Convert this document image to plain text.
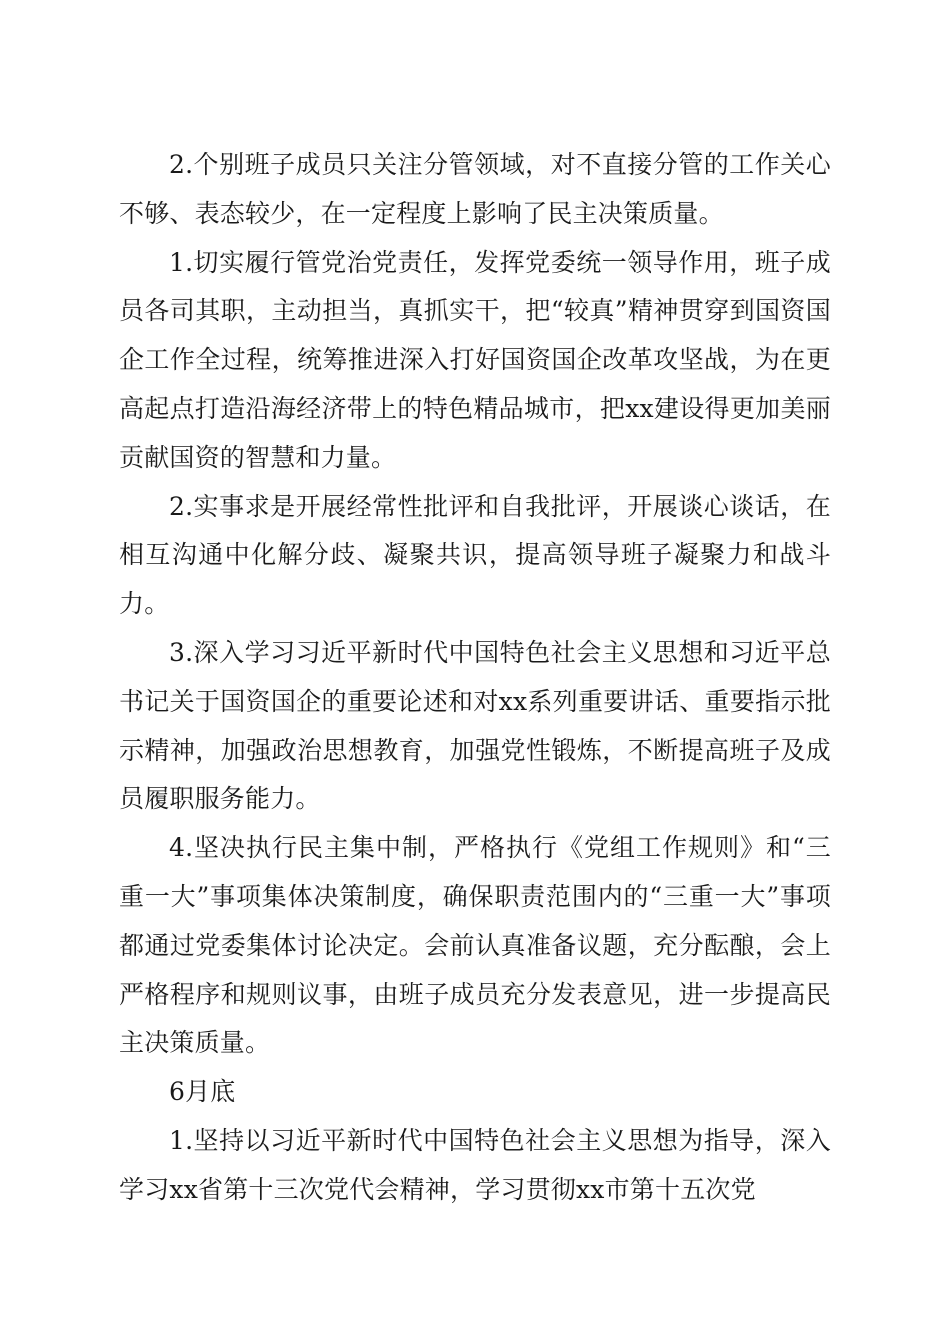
2.个别班子成员只关注分管领域，对不直接分管的工作关心不够、表态较少，在一定程度上影响了民主决策质量。

1.切实履行管党治党责任，发挥党委统一领导作用，班子成员各司其职，主动担当，真抓实干，把“较真”精神贯穿到国资国企工作全过程，统筹推进深入打好国资国企改革攻坚战，为在更高起点打造沿海经济带上的特色精品城市，把xx建设得更加美丽贡献国资的智慧和力量。

2.实事求是开展经常性批评和自我批评，开展谈心谈话，在相互沟通中化解分歧、凝聚共识，提高领导班子凝聚力和战斗力。

3.深入学习习近平新时代中国特色社会主义思想和习近平总书记关于国资国企的重要论述和对xx系列重要讲话、重要指示批示精神，加强政治思想教育，加强党性锻炼，不断提高班子及成员履职服务能力。

4.坚决执行民主集中制，严格执行《党组工作规则》和“三重一大”事项集体决策制度，确保职责范围内的“三重一大”事项都通过党委集体讨论决定。会前认真准备议题，充分酝酿，会上严格程序和规则议事，由班子成员充分发表意见，进一步提高民主决策质量。

6月底

1.坚持以习近平新时代中国特色社会主义思想为指导，深入学习xx省第十三次党代会精神，学习贯彻xx市第十五次党
